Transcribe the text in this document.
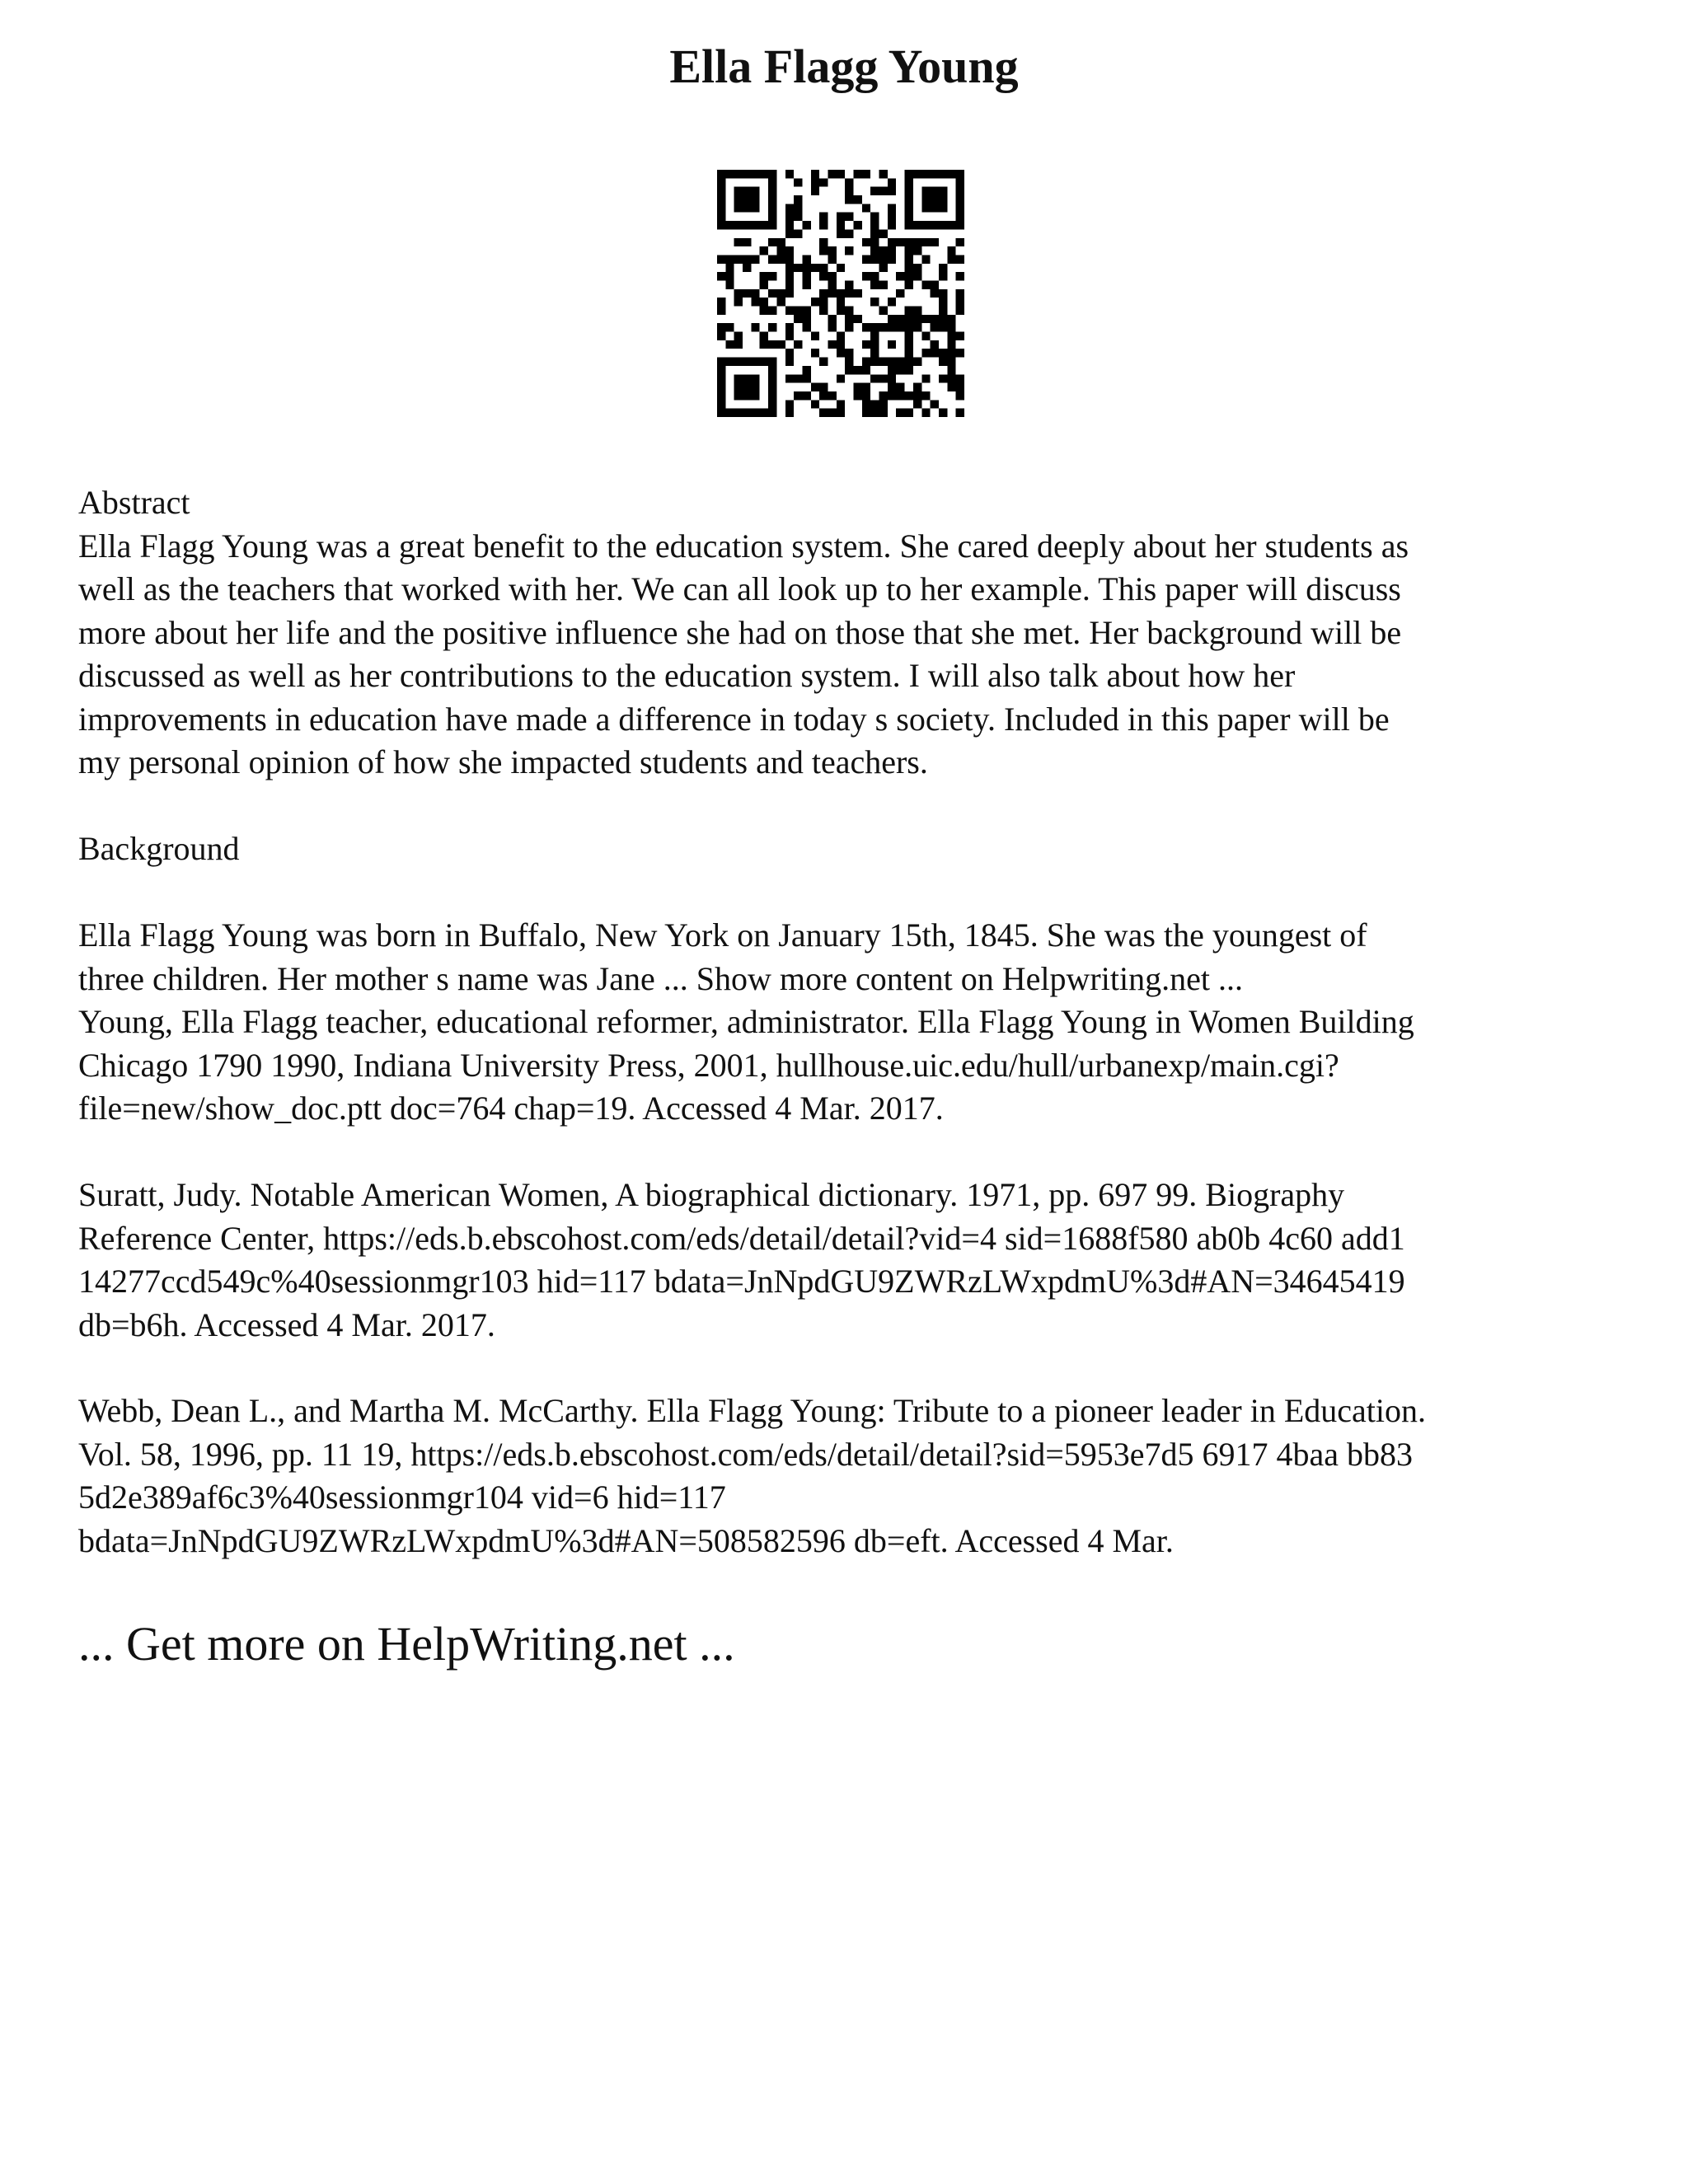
Ella Flagg Young
Abstract
Ella Flagg Young was a great benefit to the education system. She cared deeply about her students as
well as the teachers that worked with her. We can all look up to her example. This paper will discuss
more about her life and the positive influence she had on those that she met. Her background will be
discussed as well as her contributions to the education system. I will also talk about how her
improvements in education have made a difference in today s society. Included in this paper will be
my personal opinion of how she impacted students and teachers.
Background
Ella Flagg Young was born in Buffalo, New York on January 15th, 1845. She was the youngest of
three children. Her mother s name was Jane ... Show more content on Helpwriting.net ...
Young, Ella Flagg teacher, educational reformer, administrator. Ella Flagg Young in Women Building
Chicago 1790 1990, Indiana University Press, 2001, hullhouse.uic.edu/hull/urbanexp/main.cgi?
file=new/show_doc.ptt doc=764 chap=19. Accessed 4 Mar. 2017.
Suratt, Judy. Notable American Women, A biographical dictionary. 1971, pp. 697 99. Biography
Reference Center, https://eds.b.ebscohost.com/eds/detail/detail?vid=4 sid=1688f580 ab0b 4c60 add1
14277ccd549c%40sessionmgr103 hid=117 bdata=JnNpdGU9ZWRzLWxpdmU%3d#AN=34645419
db=b6h. Accessed 4 Mar. 2017.
Webb, Dean L., and Martha M. McCarthy. Ella Flagg Young: Tribute to a pioneer leader in Education.
Vol. 58, 1996, pp. 11 19, https://eds.b.ebscohost.com/eds/detail/detail?sid=5953e7d5 6917 4baa bb83
5d2e389af6c3%40sessionmgr104 vid=6 hid=117
bdata=JnNpdGU9ZWRzLWxpdmU%3d#AN=508582596 db=eft. Accessed 4 Mar.
... Get more on HelpWriting.net ...
